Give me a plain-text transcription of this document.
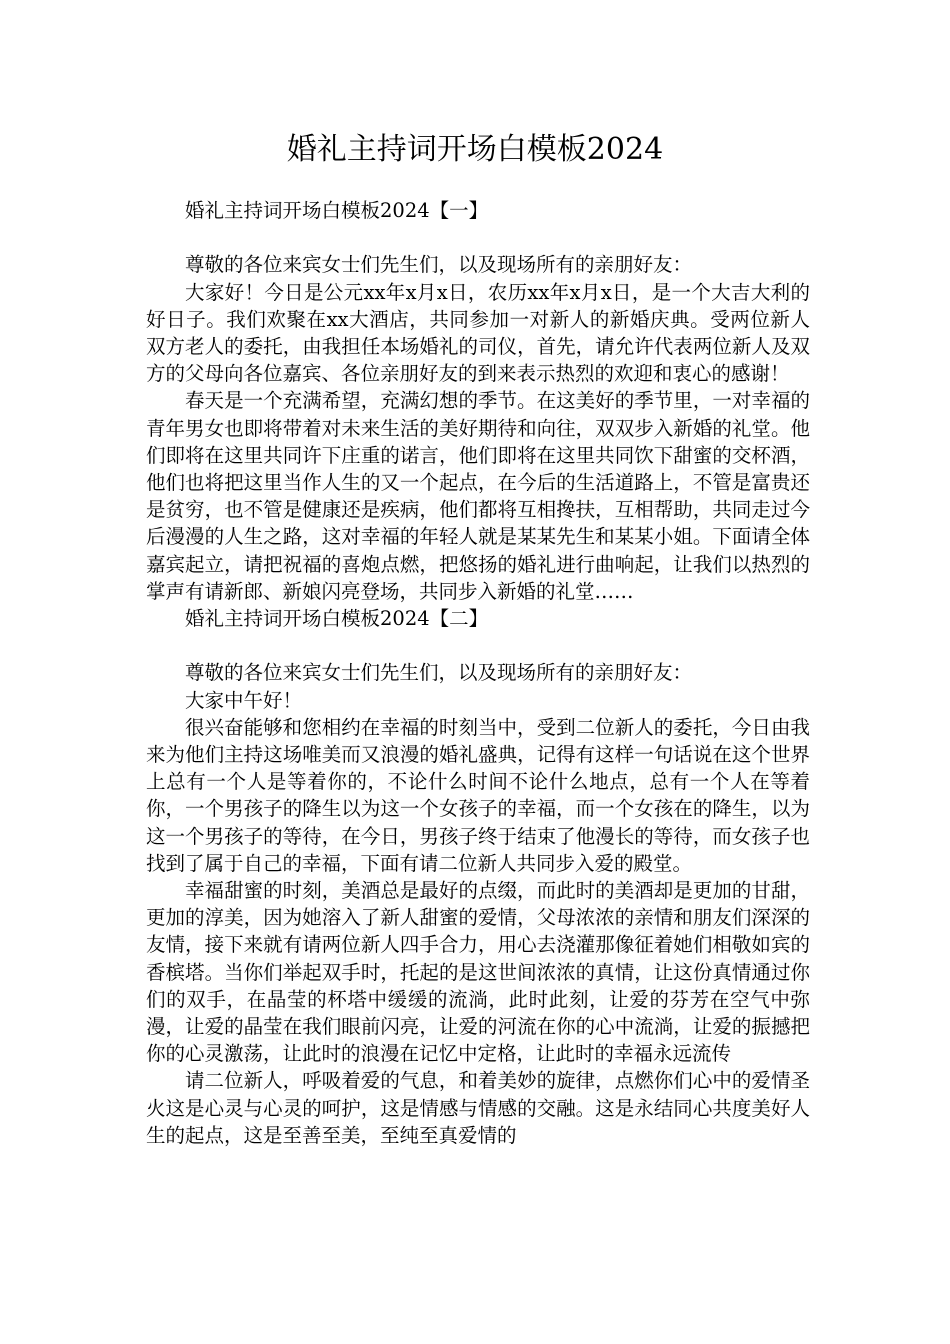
婚礼主持词开场白模板2024

婚礼主持词开场白模板2024【一】

尊敬的各位来宾女士们先生们，以及现场所有的亲朋好友：

大家好！今日是公元xx年x月x日，农历xx年x月x日，是一个大吉大利的好日子。我们欢聚在xx大酒店，共同参加一对新人的新婚庆典。受两位新人双方老人的委托，由我担任本场婚礼的司仪，首先，请允许代表两位新人及双方的父母向各位嘉宾、各位亲朋好友的到来表示热烈的欢迎和衷心的感谢！

春天是一个充满希望，充满幻想的季节。在这美好的季节里，一对幸福的青年男女也即将带着对未来生活的美好期待和向往，双双步入新婚的礼堂。他们即将在这里共同许下庄重的诺言，他们即将在这里共同饮下甜蜜的交杯酒，他们也将把这里当作人生的又一个起点，在今后的生活道路上，不管是富贵还是贫穷，也不管是健康还是疾病，他们都将互相搀扶，互相帮助，共同走过今后漫漫的人生之路，这对幸福的年轻人就是某某先生和某某小姐。下面请全体嘉宾起立，请把祝福的喜炮点燃，把悠扬的婚礼进行曲响起，让我们以热烈的掌声有请新郎、新娘闪亮登场，共同步入新婚的礼堂……

婚礼主持词开场白模板2024【二】

尊敬的各位来宾女士们先生们，以及现场所有的亲朋好友：

大家中午好！

很兴奋能够和您相约在幸福的时刻当中，受到二位新人的委托，今日由我来为他们主持这场唯美而又浪漫的婚礼盛典，记得有这样一句话说在这个世界上总有一个人是等着你的，不论什么时间不论什么地点，总有一个人在等着你，一个男孩子的降生以为这一个女孩子的幸福，而一个女孩在的降生，以为这一个男孩子的等待，在今日，男孩子终于结束了他漫长的等待，而女孩子也找到了属于自己的幸福，下面有请二位新人共同步入爱的殿堂。

幸福甜蜜的时刻，美酒总是最好的点缀，而此时的美酒却是更加的甘甜，更加的淳美，因为她溶入了新人甜蜜的爱情，父母浓浓的亲情和朋友们深深的友情，接下来就有请两位新人四手合力，用心去浇灌那像征着她们相敬如宾的香槟塔。当你们举起双手时，托起的是这世间浓浓的真情，让这份真情通过你们的双手，在晶莹的杯塔中缓缓的流淌，此时此刻，让爱的芬芳在空气中弥漫，让爱的晶莹在我们眼前闪亮，让爱的河流在你的心中流淌，让爱的振撼把你的心灵激荡，让此时的浪漫在记忆中定格，让此时的幸福永远流传

请二位新人，呼吸着爱的气息，和着美妙的旋律，点燃你们心中的爱情圣火这是心灵与心灵的呵护，这是情感与情感的交融。这是永结同心共度美好人生的起点，这是至善至美，至纯至真爱情的
